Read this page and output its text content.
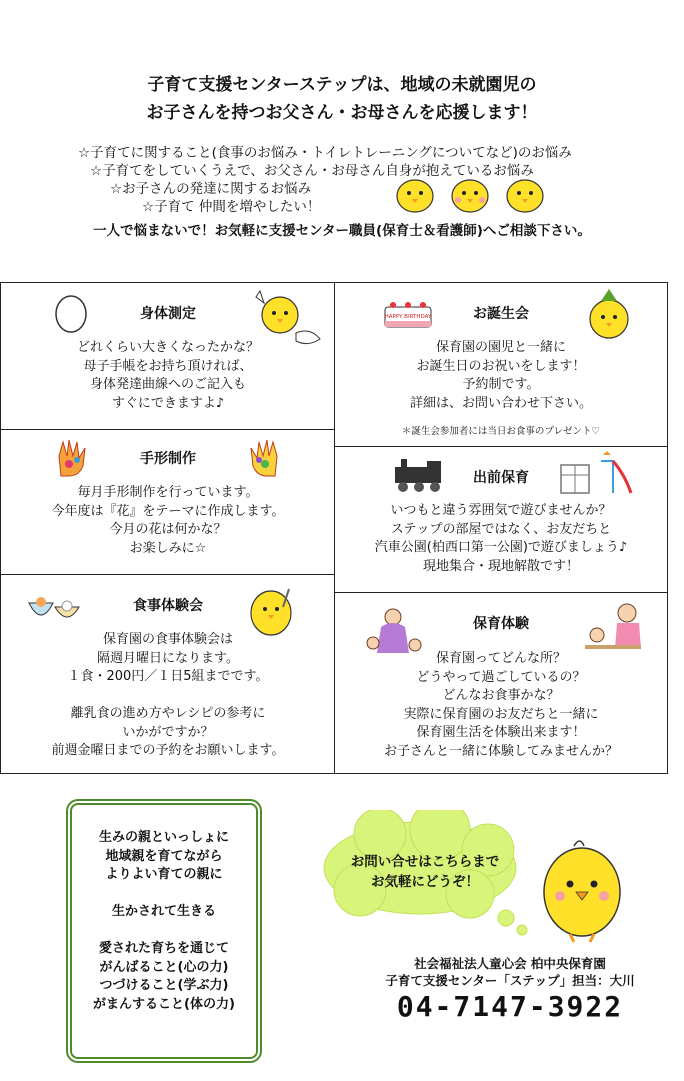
子育て支援センターステップは、地域の未就園児の
お子さんを持つお父さん・お母さんを応援します！
☆子育てに関すること(食事のお悩み・トイレトレーニングについてなど)のお悩み
☆子育てをしていくうえで、お父さん・お母さん自身が抱えているお悩み
☆お子さんの発達に関するお悩み
☆子育て 仲間を増やしたい！
一人で悩まないで！お気軽に支援センター職員(保育士＆看護師)へご相談下さい。
身体測定
どれくらい大きくなったかな？
母子手帳をお持ち頂ければ、
身体発達曲線へのご記入も
すぐにできますよ♪
手形制作
毎月手形制作を行っています。
今年度は『花』をテーマに作成します。
今月の花は何かな？
お楽しみに☆
食事体験会
保育園の食事体験会は
隔週月曜日になります。
１食・200円／１日5組までです。
離乳食の進め方やレシピの参考に
いかがですか？
前週金曜日までの予約をお願いします。
HAPPY BIRTHDAY	お誕生会
保育園の園児と一緒に
お誕生日のお祝いをします！
予約制です。
詳細は、お問い合わせ下さい。
＊誕生会参加者には当日お食事のプレゼント♡
出前保育
いつもと違う雰囲気で遊びませんか？
ステップの部屋ではなく、お友だちと
汽車公園(柏西口第一公園)で遊びましょう♪
現地集合・現地解散です！
保育体験
保育園ってどんな所？
どうやって過ごしているの？
どんなお食事かな？
実際に保育園のお友だちと一緒に
保育園生活を体験出来ます！
お子さんと一緒に体験してみませんか？
生みの親といっしょに
地域親を育てながら
よりよい育ての親に
生かされて生きる
愛された育ちを通じて
がんばること(心の力)
つづけること(学ぶ力)
がまんすること(体の力)
お問い合せはこちらまで
お気軽にどうぞ！
社会福祉法人童心会 柏中央保育園
子育て支援センター「ステップ」担当：大川
04-7147-3922
